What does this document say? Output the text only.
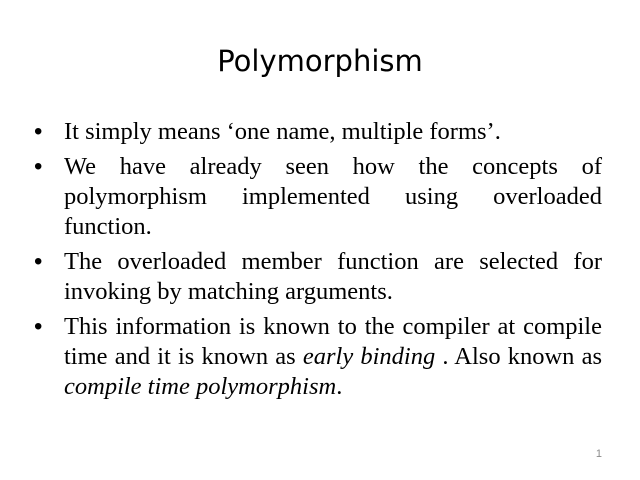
Polymorphism
• It simply means ‘one name, multiple forms’.
• We have already seen how the concepts of polymorphism implemented using overloaded function.
• The overloaded member function are selected for invoking by matching arguments.
• This information is known to the compiler at compile time and it is known as early binding . Also known as compile time polymorphism.
1
